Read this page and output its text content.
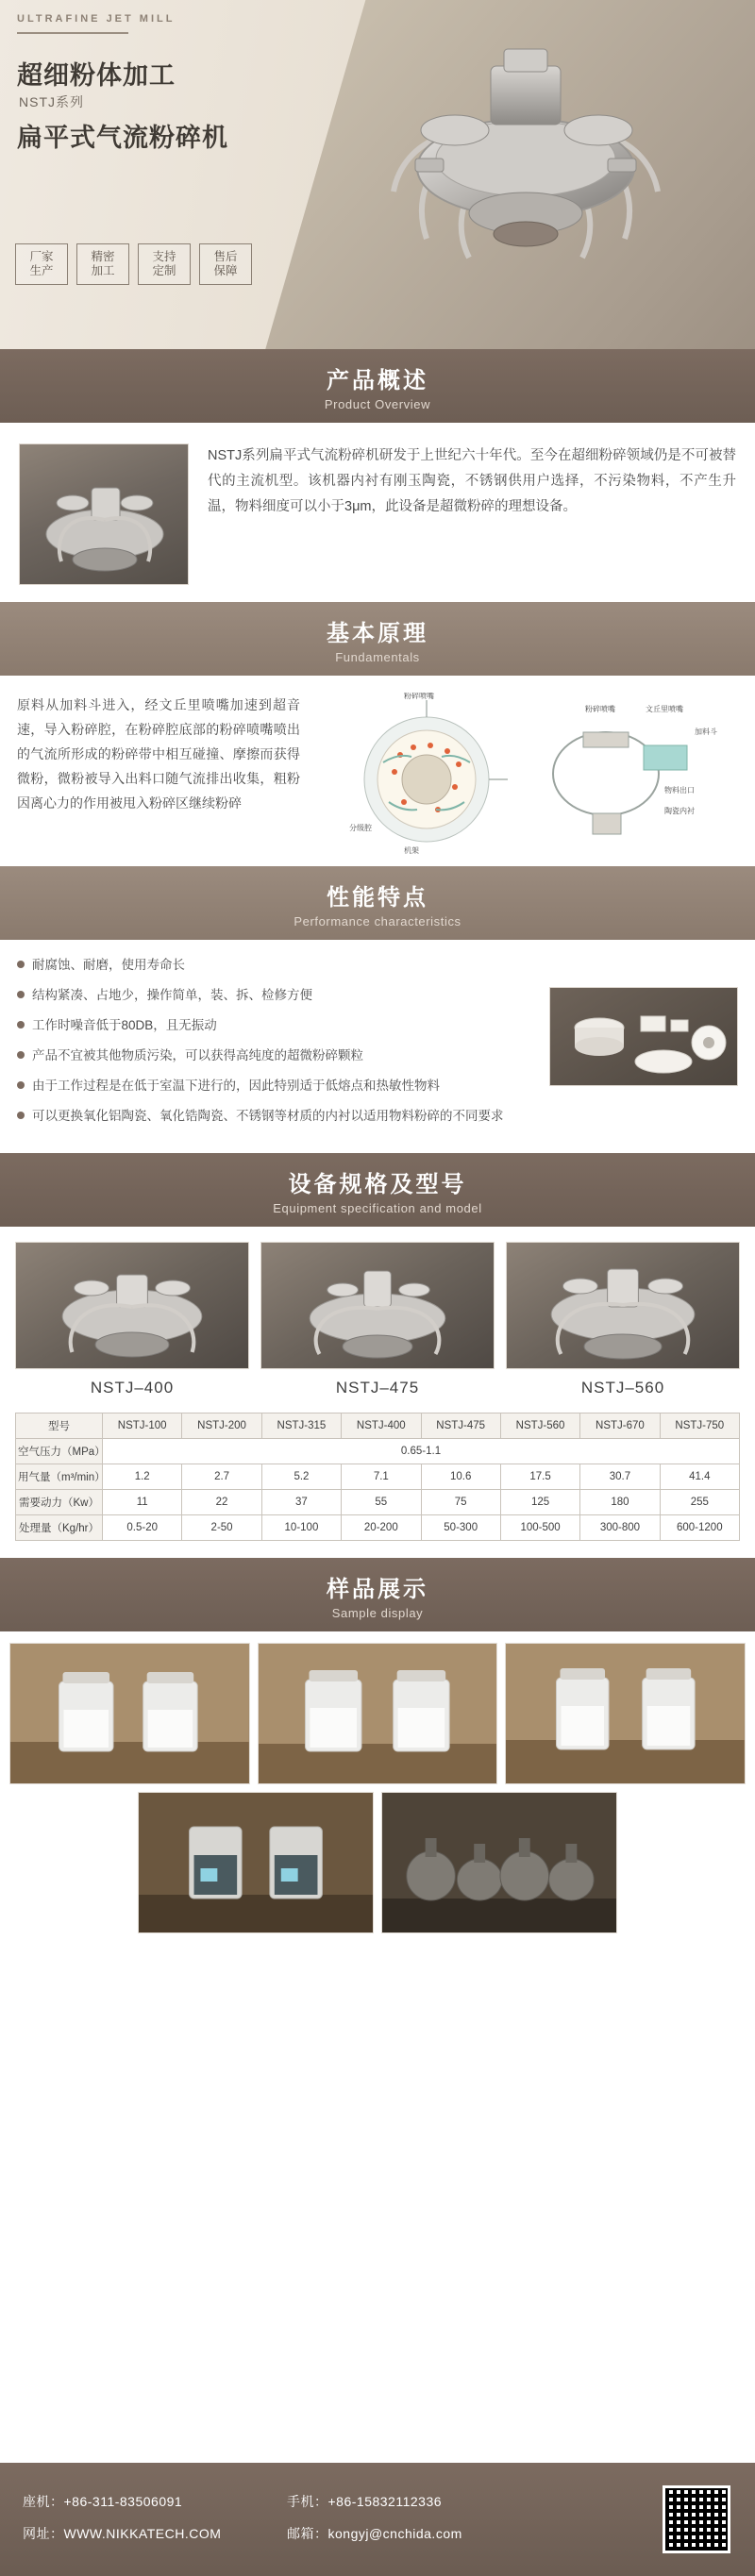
ULTRAFINE JET MILL
超细粉体加工
NSTJ系列
扁平式气流粉碎机
厂家
生产
精密
加工
支持
定制
售后
保障
产品概述
Product Overview
NSTJ系列扁平式气流粉碎机研发于上世纪六十年代。至今在超细粉碎领域仍是不可被替代的主流机型。该机器内衬有刚玉陶瓷，不锈钢供用户选择，不污染物料，不产生升温，物料细度可以小于3μm，此设备是超微粉碎的理想设备。
基本原理
Fundamentals
原料从加料斗进入，经文丘里喷嘴加速到超音速，导入粉碎腔，在粉碎腔底部的粉碎喷嘴喷出的气流所形成的粉碎带中相互碰撞、摩擦而获得微粉，微粉被导入出料口随气流排出收集，粗粉因离心力的作用被甩入粉碎区继续粉碎
粉碎喷嘴
粉碎喷嘴	文丘里喷嘴
加料斗
物料出口
陶瓷内衬
分级腔
机架
性能特点
Performance characteristics
耐腐蚀、耐磨，使用寿命长
结构紧凑、占地少，操作简单，装、拆、检修方便
工作时噪音低于80DB，且无振动
产品不宜被其他物质污染，可以获得高纯度的超微粉碎颗粒
由于工作过程是在低于室温下进行的，因此特别适于低熔点和热敏性物料
可以更换氧化铝陶瓷、氧化锆陶瓷、不锈钢等材质的内衬以适用物料粉碎的不同要求
设备规格及型号
Equipment specification and model
NSTJ–400	NSTJ–475	NSTJ–560
型号	NSTJ-100	NSTJ-200	NSTJ-315	NSTJ-400	NSTJ-475	NSTJ-560	NSTJ-670	NSTJ-750
空气压力（MPa）	0.65-1.1							
用气量（m³/min）	1.2	2.7	5.2	7.1	10.6	17.5	30.7	41.4
需要动力（Kw）	11	22	37	55	75	125	180	255
处理量（Kg/hr）	0.5-20	2-50	10-100	20-200	50-300	100-500	300-800	600-1200
样品展示
Sample display
座机：+86-311-83506091	手机：+86-15832112336
网址：WWW.NIKKATECH.COM	邮箱：kongyj@cnchida.com
